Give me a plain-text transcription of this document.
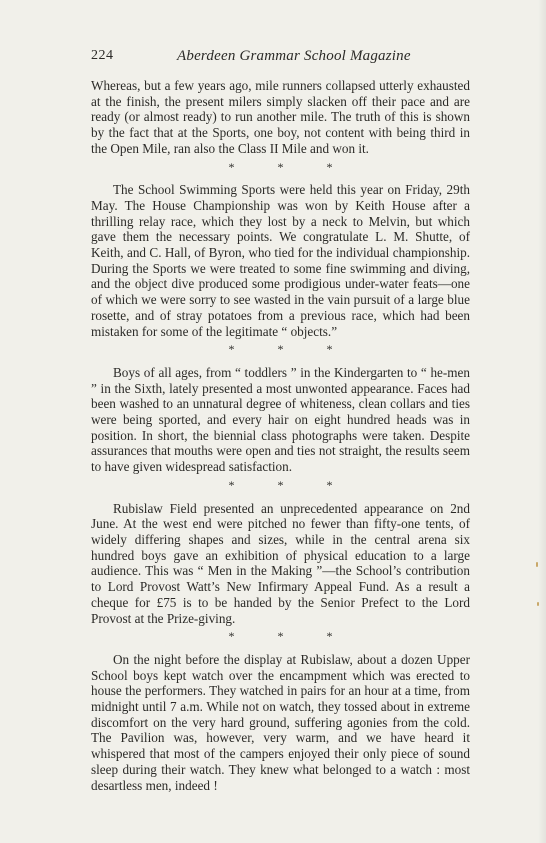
224	Aberdeen Grammar School Magazine

Whereas, but a few years ago, mile runners collapsed utterly exhausted at the finish, the present milers simply slacken off their pace and are ready (or almost ready) to run another mile. The truth of this is shown by the fact that at the Sports, one boy, not content with being third in the Open Mile, ran also the Class II Mile and won it.

* * *

The School Swimming Sports were held this year on Friday, 29th May. The House Championship was won by Keith House after a thrilling relay race, which they lost by a neck to Melvin, but which gave them the necessary points. We congratulate L. M. Shutte, of Keith, and C. Hall, of Byron, who tied for the individual championship. During the Sports we were treated to some fine swimming and diving, and the object dive produced some prodigious under-water feats—one of which we were sorry to see wasted in the vain pursuit of a large blue rosette, and of stray potatoes from a previous race, which had been mistaken for some of the legitimate “ objects.”

* * *

Boys of all ages, from “ toddlers ” in the Kindergarten to “ he-men ” in the Sixth, lately presented a most unwonted appearance. Faces had been washed to an unnatural degree of whiteness, clean collars and ties were being sported, and every hair on eight hundred heads was in position. In short, the biennial class photographs were taken. Despite assurances that mouths were open and ties not straight, the results seem to have given widespread satisfaction.

* * *

Rubislaw Field presented an unprecedented appearance on 2nd June. At the west end were pitched no fewer than fifty-one tents, of widely differing shapes and sizes, while in the central arena six hundred boys gave an exhibition of physical education to a large audience. This was “ Men in the Making ”—the School’s contribution to Lord Provost Watt’s New Infirmary Appeal Fund. As a result a cheque for £75 is to be handed by the Senior Prefect to the Lord Provost at the Prize-giving.

* * *

On the night before the display at Rubislaw, about a dozen Upper School boys kept watch over the encampment which was erected to house the performers. They watched in pairs for an hour at a time, from midnight until 7 a.m. While not on watch, they tossed about in extreme discomfort on the very hard ground, suffering agonies from the cold. The Pavilion was, however, very warm, and we have heard it whispered that most of the campers enjoyed their only piece of sound sleep during their watch. They knew what belonged to a watch : most desartless men, indeed !
